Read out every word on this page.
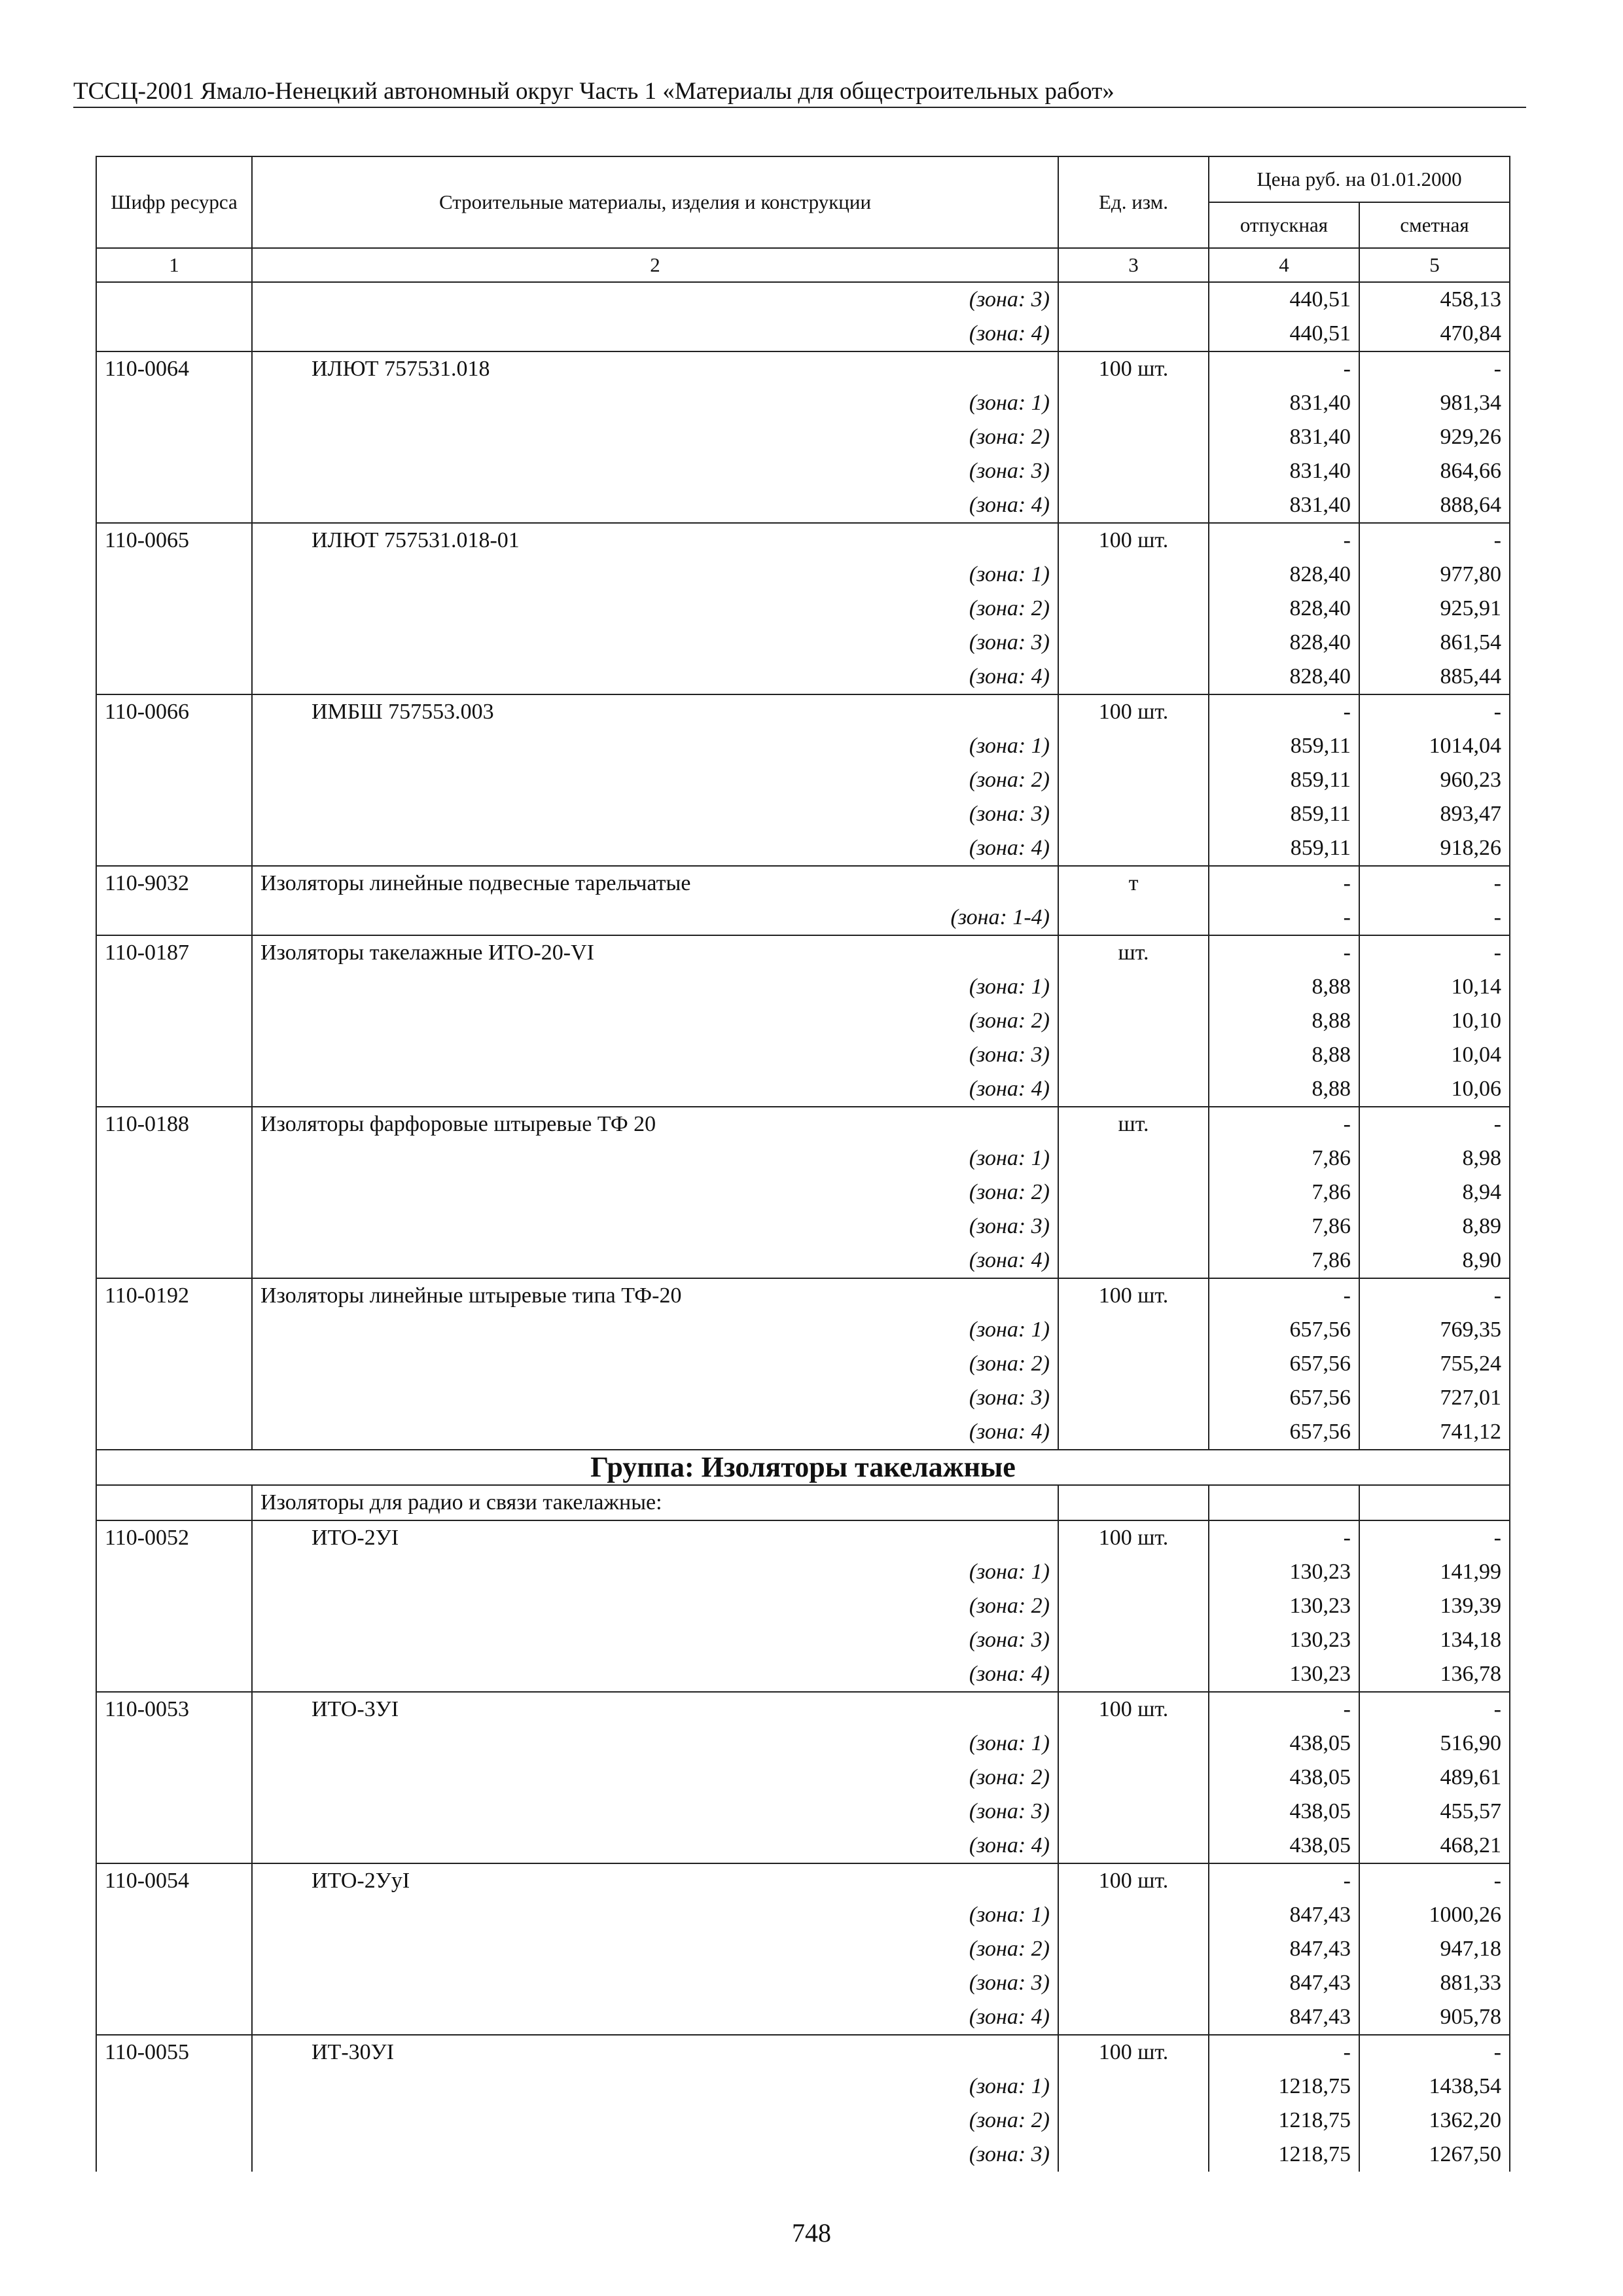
ТССЦ-2001 Ямало-Ненецкий автономный округ Часть 1 «Материалы для общестроительных работ»
Шифр ресурса	Строительные материалы, изделия и конструкции	Ед. изм.	Цена руб. на 01.01.2000	
			отпускная	сметная
1	2	3	4	5
	(зона: 3)		440,51	458,13
	(зона: 4)		440,51	470,84
110-0064	ИЛЮТ 757531.018	100 шт.	-	-
	(зона: 1)		831,40	981,34
	(зона: 2)		831,40	929,26
	(зона: 3)		831,40	864,66
	(зона: 4)		831,40	888,64
110-0065	ИЛЮТ 757531.018-01	100 шт.	-	-
	(зона: 1)		828,40	977,80
	(зона: 2)		828,40	925,91
	(зона: 3)		828,40	861,54
	(зона: 4)		828,40	885,44
110-0066	ИМБШ 757553.003	100 шт.	-	-
	(зона: 1)		859,11	1014,04
	(зона: 2)		859,11	960,23
	(зона: 3)		859,11	893,47
	(зона: 4)		859,11	918,26
110-9032	Изоляторы линейные подвесные тарельчатые	т	-	-
	(зона: 1-4)		-	-
110-0187	Изоляторы такелажные ИТО-20-VI	шт.	-	-
	(зона: 1)		8,88	10,14
	(зона: 2)		8,88	10,10
	(зона: 3)		8,88	10,04
	(зона: 4)		8,88	10,06
110-0188	Изоляторы фарфоровые штыревые ТФ 20	шт.	-	-
	(зона: 1)		7,86	8,98
	(зона: 2)		7,86	8,94
	(зона: 3)		7,86	8,89
	(зона: 4)		7,86	8,90
110-0192	Изоляторы линейные штыревые типа ТФ-20	100 шт.	-	-
	(зона: 1)		657,56	769,35
	(зона: 2)		657,56	755,24
	(зона: 3)		657,56	727,01
	(зона: 4)		657,56	741,12
Группа: Изоляторы такелажные				
	Изоляторы для радио и связи такелажные:			
110-0052	ИТО-2УI	100 шт.	-	-
	(зона: 1)		130,23	141,99
	(зона: 2)		130,23	139,39
	(зона: 3)		130,23	134,18
	(зона: 4)		130,23	136,78
110-0053	ИТО-3УI	100 шт.	-	-
	(зона: 1)		438,05	516,90
	(зона: 2)		438,05	489,61
	(зона: 3)		438,05	455,57
	(зона: 4)		438,05	468,21
110-0054	ИТО-2УуI	100 шт.	-	-
	(зона: 1)		847,43	1000,26
	(зона: 2)		847,43	947,18
	(зона: 3)		847,43	881,33
	(зона: 4)		847,43	905,78
110-0055	ИТ-30УI	100 шт.	-	-
	(зона: 1)		1218,75	1438,54
	(зона: 2)		1218,75	1362,20
	(зона: 3)		1218,75	1267,50
748
